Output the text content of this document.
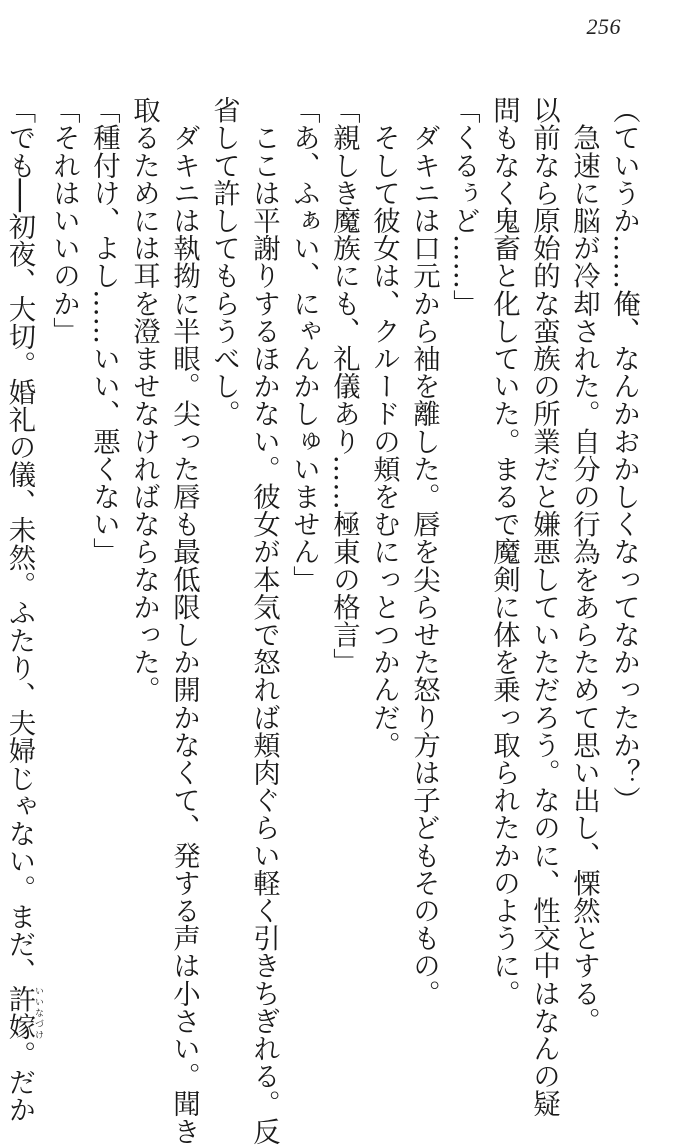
256
（ていうか……俺、なんかおかしくなってなかったか？）
　急速に脳が冷却された。自分の行為をあらためて思い出し、慄然とする。
以前なら原始的な蛮族の所業だと嫌悪していただろう。なのに、性交中はなんの疑
問もなく鬼畜と化していた。まるで魔剣に体を乗っ取られたかのように。
「くるぅど……」
　ダキニは口元から袖を離した。唇を尖らせた怒り方は子どもそのもの。
　そして彼女は、クルードの頬をむにっとつかんだ。
「親しき魔族にも、礼儀あり……極東の格言」
「あ、ふぁい、にゃんかしゅいません」
　ここは平謝りするほかない。彼女が本気で怒れば頬肉ぐらい軽く引きちぎれる。反
省して許してもらうべし。
　ダキニは執拗に半眼。尖った唇も最低限しか開かなくて、発する声は小さい。聞き
取るためには耳を澄ませなければならなかった。
「種付け、よし……いい、悪くない」
「それはいいのか」
「でも──初夜、大切。婚礼の儀、未然。ふたり、夫婦じゃない。まだ、許嫁いいなづけ。だか
